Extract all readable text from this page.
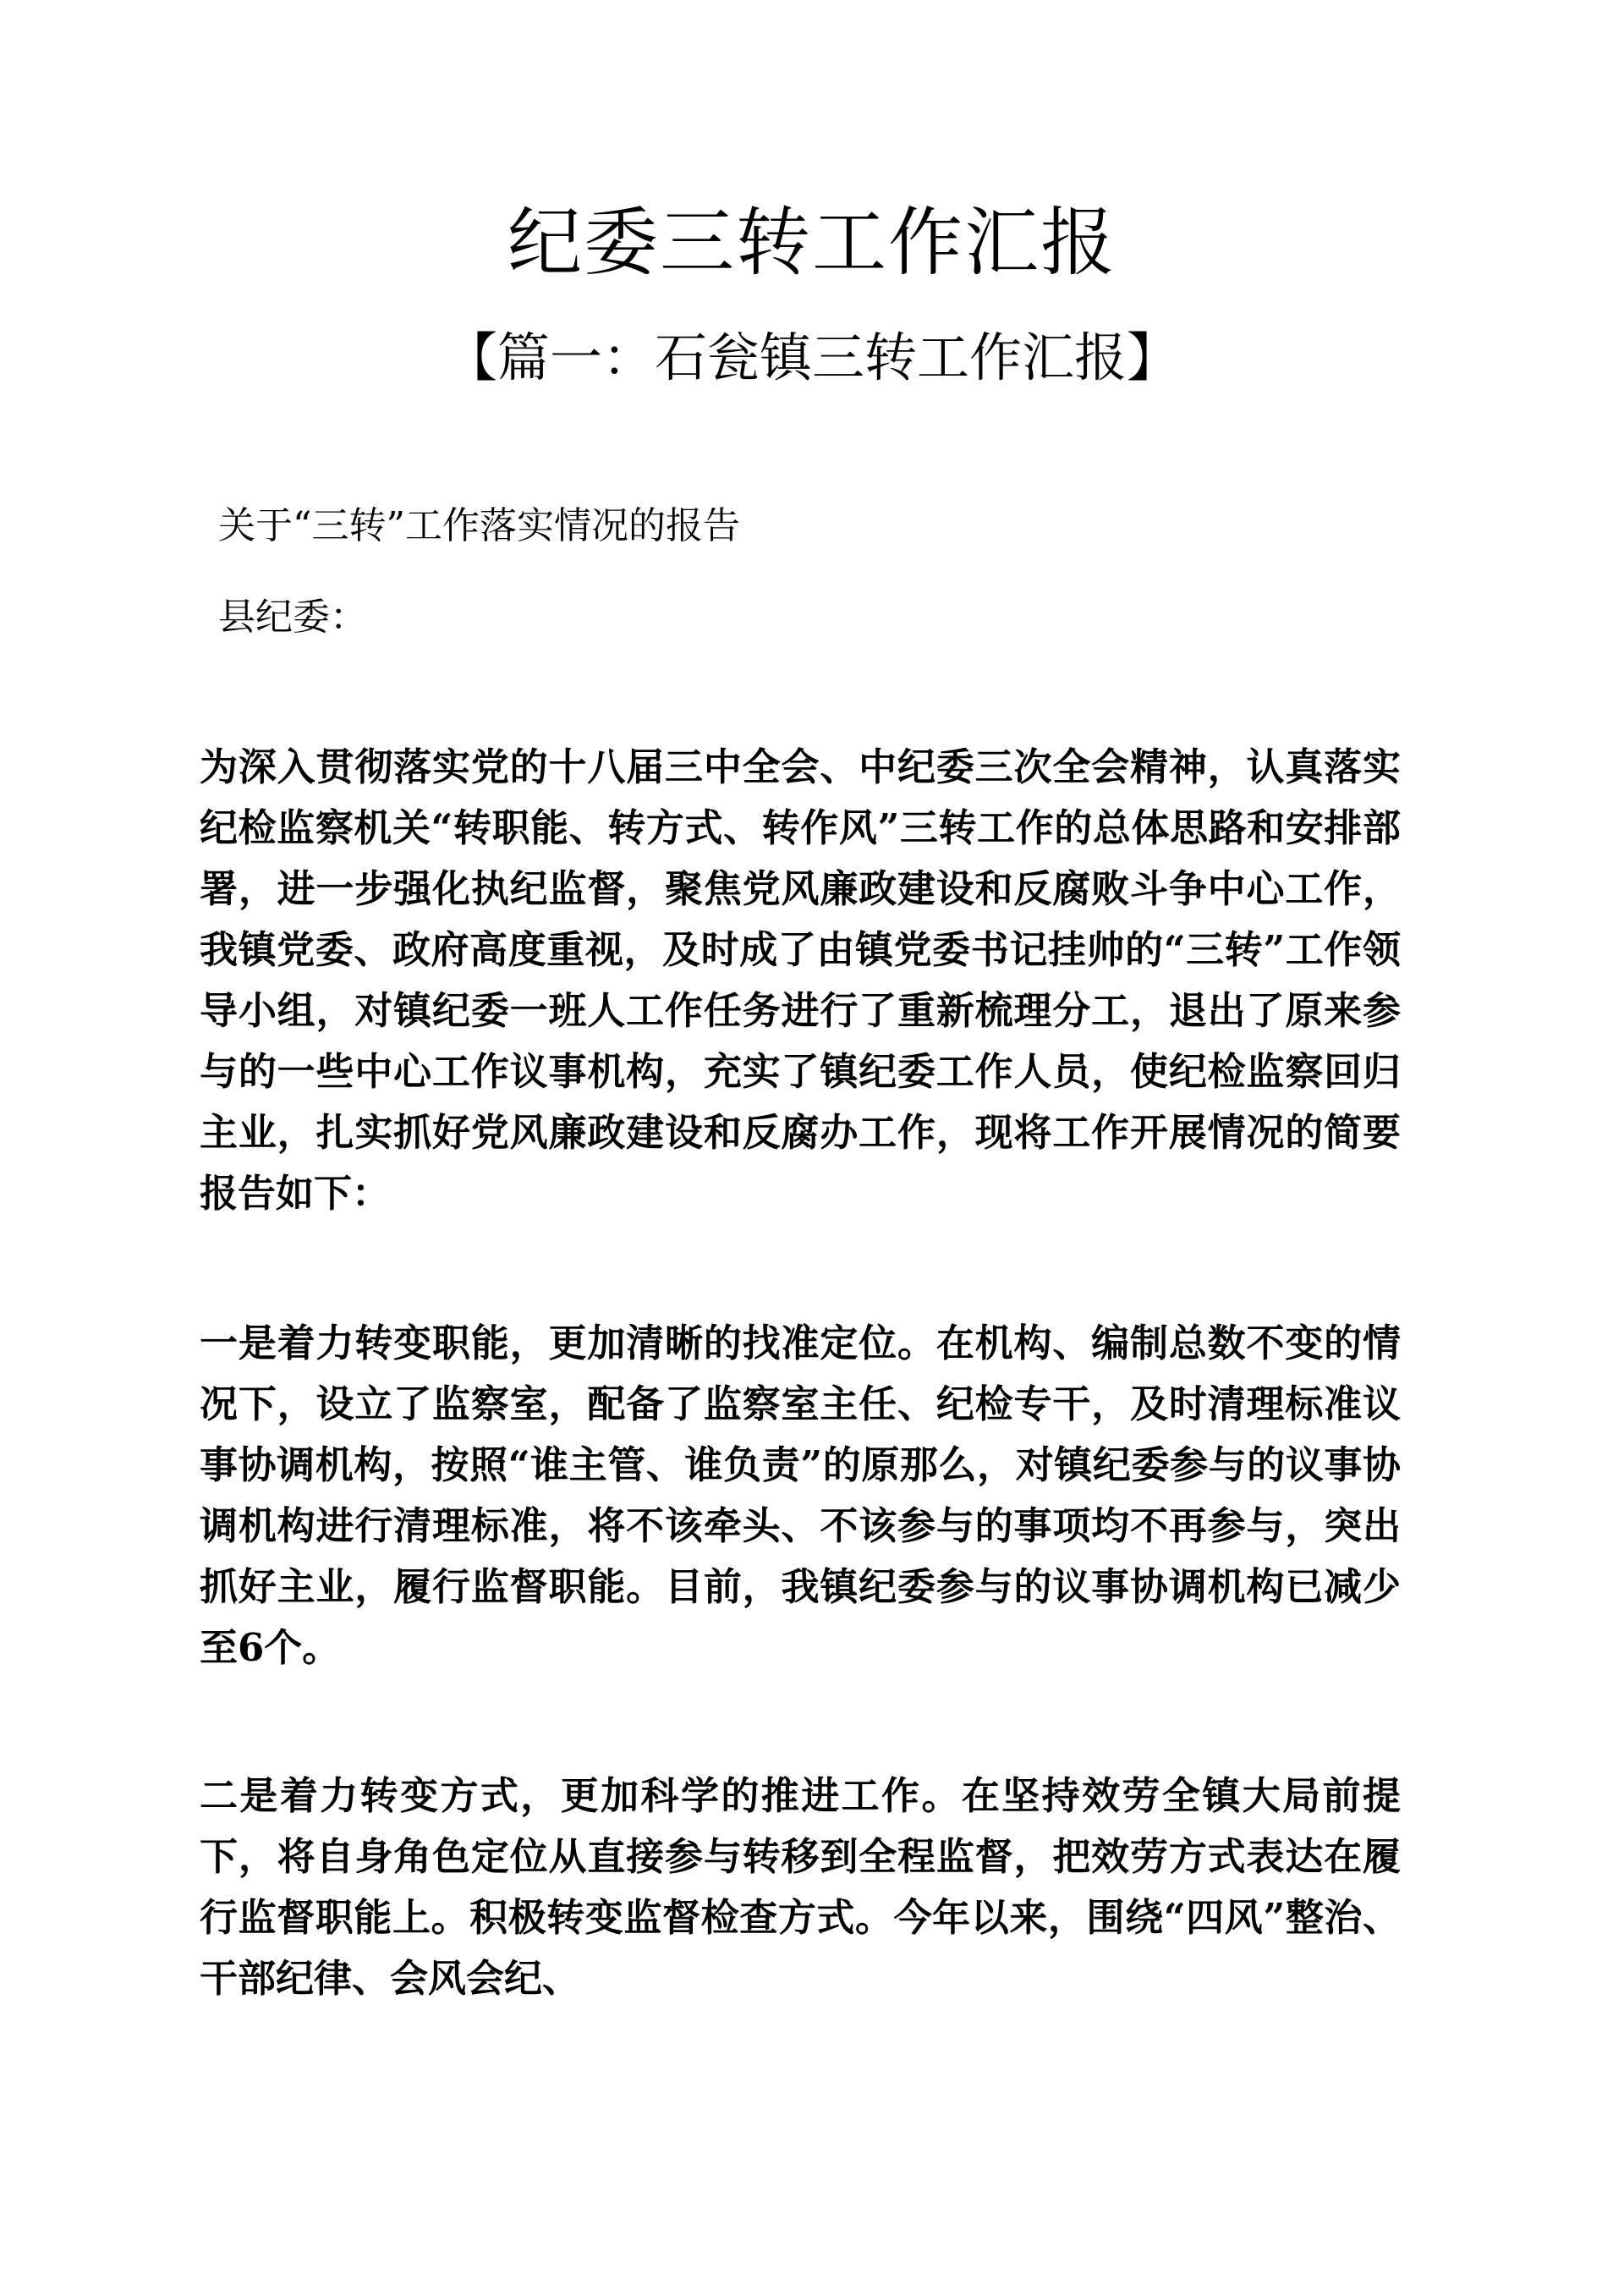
纪委三转工作汇报
【篇一：石瓮镇三转工作汇报】

关于“三转”工作落实情况的报告

县纪委：

为深入贯彻落实党的十八届三中全会、中纪委三次全会精神，认真落实纪检监察机关“转职能、转方式、转作风”三转工作的总体思路和安排部署，进一步强化执纪监督，聚焦党风廉政建设和反腐败斗争中心工作，我镇党委、政府高度重视，及时成了由镇党委书记挂帅的“三转”工作领导小组，对镇纪委一班人工作任务进行了重新梳理分工，退出了原来参与的一些中心工作议事机构，充实了镇纪委工作人员，使纪检监察回归主业，扎实抓好党风廉政建设和反腐办工作，现将工作开展情况的简要报告如下：

一是着力转变职能，更加清晰的找准定位。在机构、编制总数不变的情况下，设立了监察室，配备了监察室主任、纪检专干，及时清理标准议事协调机构，按照“谁主管、谁负责”的原那么，对镇纪委参与的议事协调机构进行清理标准，将不该牵头、不该参与的事项均不再参与，突出抓好主业，履行监督职能。目前，我镇纪委参与的议事协调机构已减少至6个。

二是着力转变方式，更加科学的推进工作。在坚持效劳全镇大局前提下，将自身角色定位从直接参与转移到全程监督，把效劳方式表达在履行监督职能上。积极转变监督检查方式。今年以来，围绕“四风”整治、干部纪律、会风会纪、
